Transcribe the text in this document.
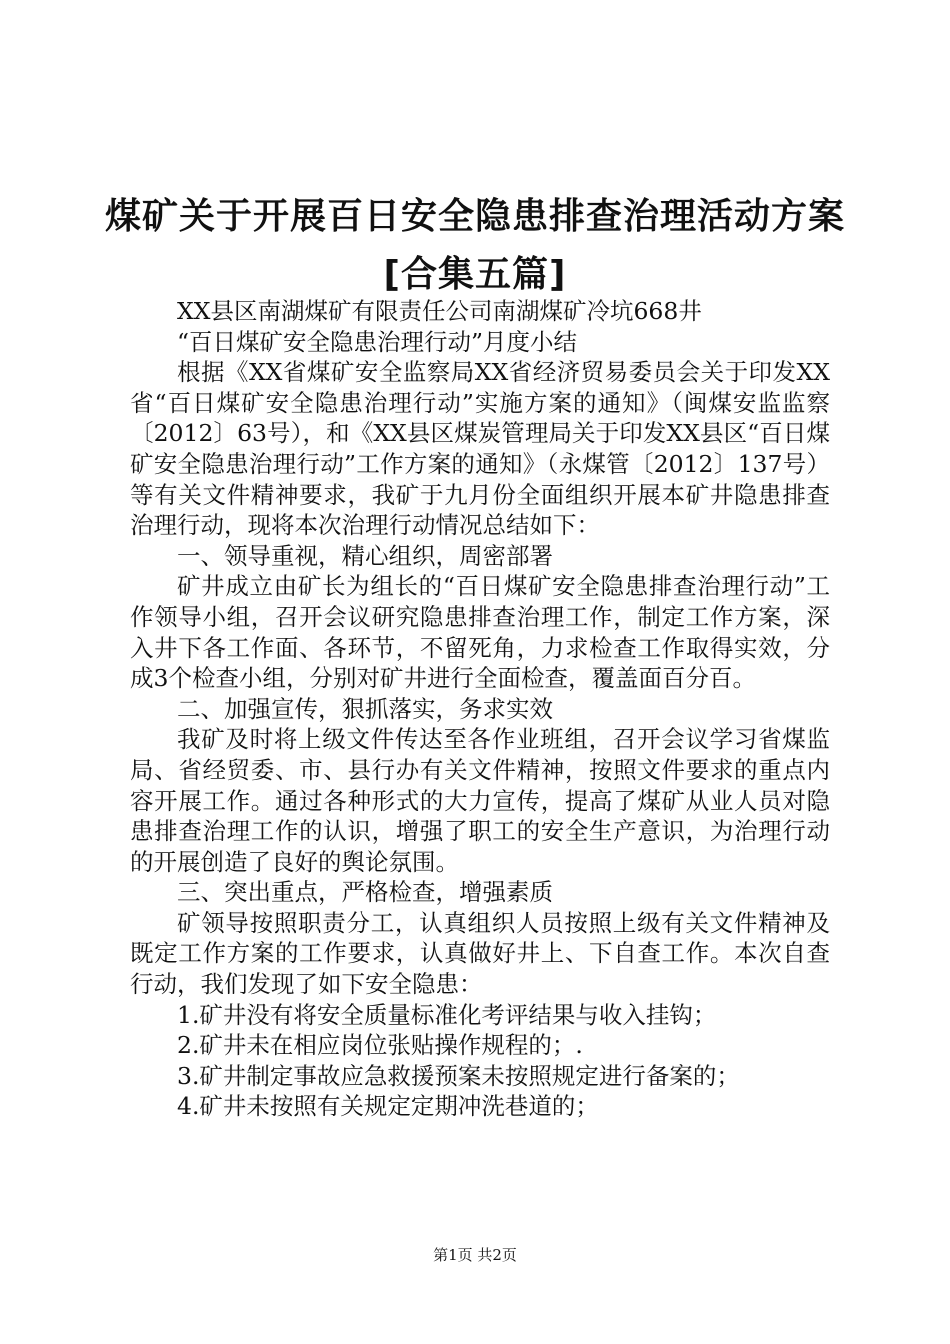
煤矿关于开展百日安全隐患排查治理活动方案
[合集五篇]

XX县区南湖煤矿有限责任公司南湖煤矿冷坑668井

“百日煤矿安全隐患治理行动”月度小结

根据《XX省煤矿安全监察局XX省经济贸易委员会关于印发XX省“百日煤矿安全隐患治理行动”实施方案的通知》（闽煤安监监察〔2012〕63号），和《XX县区煤炭管理局关于印发XX县区“百日煤矿安全隐患治理行动”工作方案的通知》（永煤管〔2012〕137号）等有关文件精神要求，我矿于九月份全面组织开展本矿井隐患排查治理行动，现将本次治理行动情况总结如下：

一、领导重视，精心组织，周密部署

矿井成立由矿长为组长的“百日煤矿安全隐患排查治理行动”工作领导小组，召开会议研究隐患排查治理工作，制定工作方案，深入井下各工作面、各环节，不留死角，力求检查工作取得实效，分成3个检查小组，分别对矿井进行全面检查，覆盖面百分百。

二、加强宣传，狠抓落实，务求实效

我矿及时将上级文件传达至各作业班组，召开会议学习省煤监局、省经贸委、市、县行办有关文件精神，按照文件要求的重点内容开展工作。通过各种形式的大力宣传，提高了煤矿从业人员对隐患排查治理工作的认识，增强了职工的安全生产意识，为治理行动的开展创造了良好的舆论氛围。

三、突出重点，严格检查，增强素质

矿领导按照职责分工，认真组织人员按照上级有关文件精神及既定工作方案的工作要求，认真做好井上、下自查工作。本次自查行动，我们发现了如下安全隐患：

1.矿井没有将安全质量标准化考评结果与收入挂钩；

2.矿井未在相应岗位张贴操作规程的；.

3.矿井制定事故应急救援预案未按照规定进行备案的；

4.矿井未按照有关规定定期冲洗巷道的；

第1页 共2页
